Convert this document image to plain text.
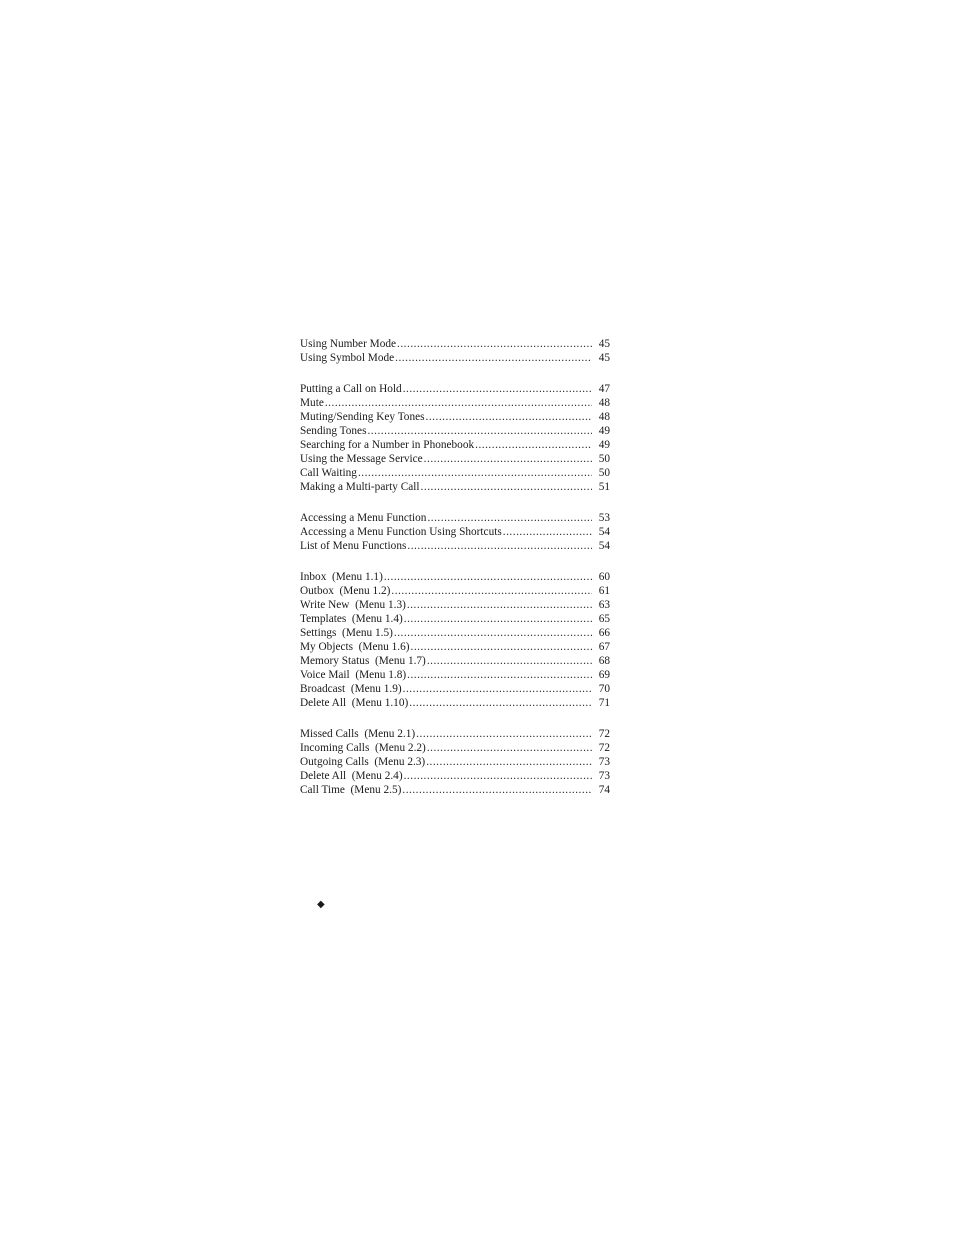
Using Number Mode .....	45
Using Symbol Mode .....	45
Putting a Call on Hold .....	47
Mute .....	48
Muting/Sending Key Tones .....	48
Sending Tones .....	49
Searching for a Number in Phonebook .....	49
Using the Message Service .....	50
Call Waiting .....	50
Making a Multi-party Call .....	51
Accessing a Menu Function .....	53
Accessing a Menu Function Using Shortcuts .....	54
List of Menu Functions .....	54
Inbox  (Menu 1.1) .....	60
Outbox  (Menu 1.2) .....	61
Write New  (Menu 1.3) .....	63
Templates  (Menu 1.4) .....	65
Settings  (Menu 1.5) .....	66
My Objects  (Menu 1.6) .....	67
Memory Status  (Menu 1.7) .....	68
Voice Mail  (Menu 1.8) .....	69
Broadcast  (Menu 1.9) .....	70
Delete All  (Menu 1.10) .....	71
Missed Calls  (Menu 2.1) .....	72
Incoming Calls  (Menu 2.2) .....	72
Outgoing Calls  (Menu 2.3) .....	73
Delete All  (Menu 2.4) .....	73
Call Time  (Menu 2.5) .....	74
◆
